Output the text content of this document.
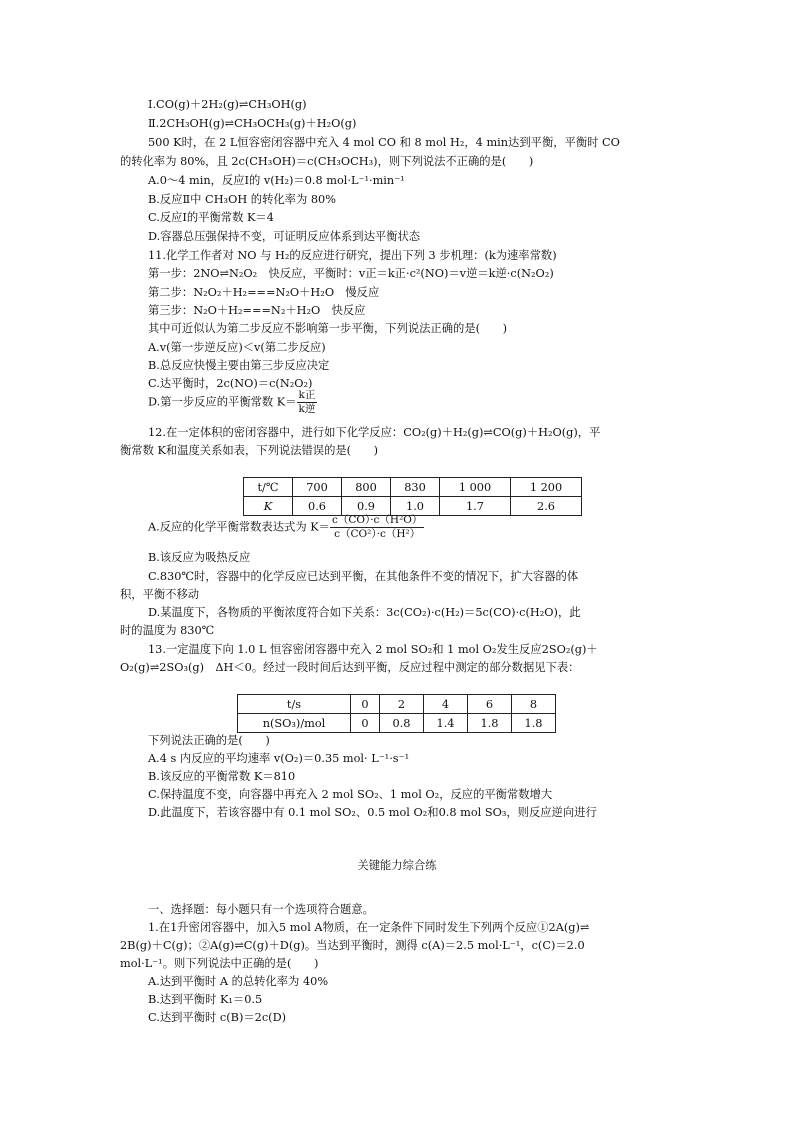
Ⅰ.CO(g)＋2H₂(g)⇌CH₃OH(g)
Ⅱ.2CH₃OH(g)⇌CH₃OCH₃(g)＋H₂O(g)
500 K时，在 2 L恒容密闭容器中充入 4 mol CO 和 8 mol H₂，4 min达到平衡，平衡时 CO
的转化率为 80%，且 2c(CH₃OH)＝c(CH₃OCH₃)，则下列说法不正确的是(　　)
A.0～4 min，反应Ⅰ的 v(H₂)＝0.8 mol·L⁻¹·min⁻¹
B.反应Ⅱ中 CH₃OH 的转化率为 80%
C.反应Ⅰ的平衡常数 K＝4
D.容器总压强保持不变，可证明反应体系到达平衡状态
11.化学工作者对 NO 与 H₂的反应进行研究，提出下列 3 步机理：(k为速率常数)
第一步：2NO⇌N₂O₂　快反应，平衡时：v正＝k正·c²(NO)＝v逆＝k逆·c(N₂O₂)
第二步：N₂O₂＋H₂===N₂O＋H₂O　慢反应
第三步：N₂O＋H₂===N₂＋H₂O　快反应
其中可近似认为第二步反应不影响第一步平衡，下列说法正确的是(　　)
A.v(第一步逆反应)＜v(第二步反应)
B.总反应快慢主要由第三步反应决定
C.达平衡时，2c(NO)＝c(N₂O₂)
D.第一步反应的平衡常数 $K= \frac{\text{k正}}{\text{k逆}}$
12.在一定体积的密闭容器中，进行如下化学反应：CO₂(g)＋H₂(g)⇌CO(g)＋H₂O(g)，平
衡常数 K和温度关系如表，下列说法错误的是(　　)
t/℃	700	800	830	1 000	1 200
K	0.6	0.9	1.0	1.7	2.6
A.反应的化学平衡常数表达式为 $K= \frac{\text{c（CO）·c（H²O）}}{\text{c（CO²）·c（H²）}}$
B.该反应为吸热反应
C.830℃时，容器中的化学反应已达到平衡，在其他条件不变的情况下，扩大容器的体
积，平衡不移动
D.某温度下，各物质的平衡浓度符合如下关系：3c(CO₂)·c(H₂)＝5c(CO)·c(H₂O)，此
时的温度为 830℃
13.一定温度下向 1.0 L 恒容密闭容器中充入 2 mol SO₂和 1 mol O₂发生反应2SO₂(g)＋
O₂(g)⇌2SO₃(g)　ΔH＜0。经过一段时间后达到平衡，反应过程中测定的部分数据见下表：
t/s	0	2	4	6	8
n(SO₃)/mol	0	0.8	1.4	1.8	1.8
下列说法正确的是(　　)
A.4 s 内反应的平均速率 v(O₂)＝0.35 mol· L⁻¹·s⁻¹
B.该反应的平衡常数 K＝810
C.保持温度不变，向容器中再充入 2 mol SO₂、1 mol O₂，反应的平衡常数增大
D.此温度下，若该容器中有 0.1 mol SO₂、0.5 mol O₂和0.8 mol SO₃，则反应逆向进行
关键能力综合练
一、选择题：每小题只有一个选项符合题意。
1.在1升密闭容器中，加入5 mol A物质，在一定条件下同时发生下列两个反应①2A(g)⇌
2B(g)＋C(g)；②A(g)⇌C(g)＋D(g)。当达到平衡时，测得 c(A)＝2.5 mol·L⁻¹，c(C)＝2.0
mol·L⁻¹。则下列说法中正确的是(　　)
A.达到平衡时 A 的总转化率为 40%
B.达到平衡时 K₁＝0.5
C.达到平衡时 c(B)＝2c(D)
